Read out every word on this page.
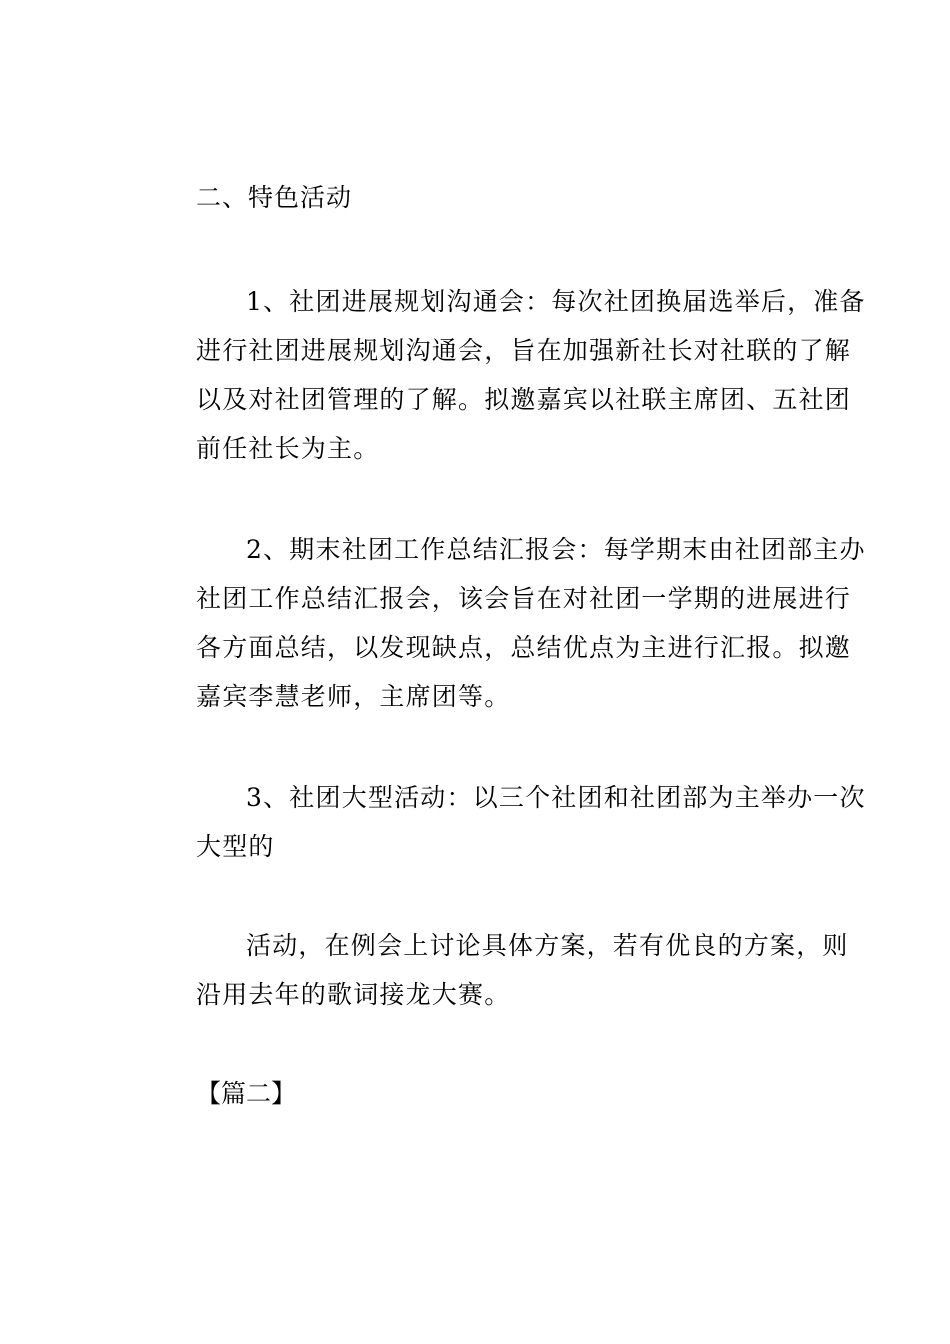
二、特色活动
1、社团进展规划沟通会：每次社团换届选举后，准备
进行社团进展规划沟通会，旨在加强新社长对社联的了解
以及对社团管理的了解。拟邀嘉宾以社联主席团、五社团
前任社长为主。
2、期末社团工作总结汇报会：每学期末由社团部主办
社团工作总结汇报会，该会旨在对社团一学期的进展进行
各方面总结，以发现缺点，总结优点为主进行汇报。拟邀
嘉宾李慧老师，主席团等。
3、社团大型活动：以三个社团和社团部为主举办一次
大型的
活动，在例会上讨论具体方案，若有优良的方案，则
沿用去年的歌词接龙大赛。
【篇二】
